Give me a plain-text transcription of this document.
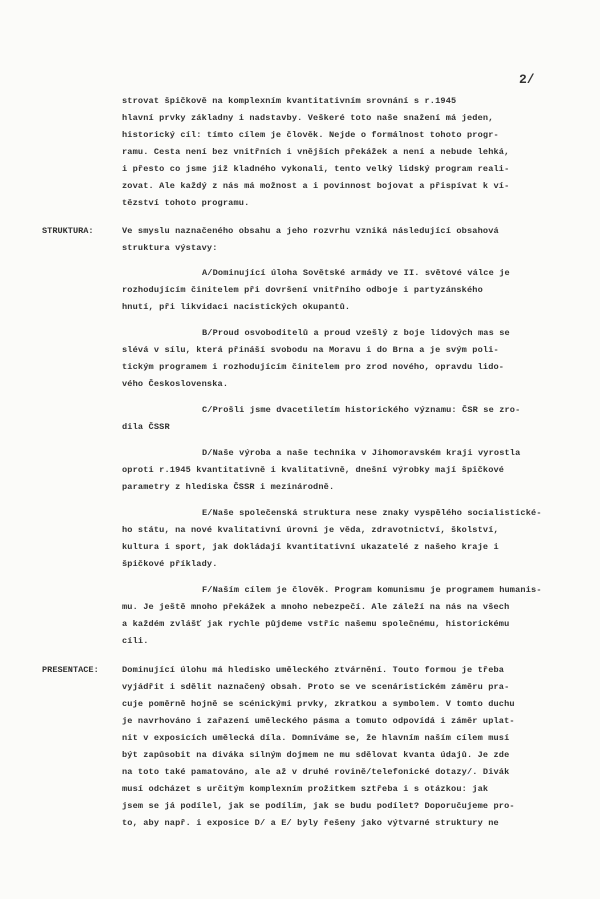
2/
strovat špičkově na komplexním kvantitativním srovnání s r.1945
hlavní prvky základny i nadstavby. Veškeré toto naše snažení má jeden,
historický cíl: tímto cílem je člověk. Nejde o formálnost tohoto progr-
ramu. Cesta není bez vnitřních i vnějších překážek a není a nebude lehká,
i přesto co jsme již kladného vykonali, tento velký lidský program reali-
zovat. Ale každý z nás má možnost a i povinnost bojovat a přispívat k ví-
tězství tohoto programu.
STRUKTURA:	Ve smyslu naznačeného obsahu a jeho rozvrhu vzniká následující obsahová
struktura výstavy:
A/Dominující úloha Sovětské armády ve II. světové válce je
rozhodujícím činitelem při dovršení vnitřního odboje i partyzánského
hnutí, při likvidaci nacistických okupantů.
B/Proud osvoboditelů a proud vzešlý z boje lidových mas se
slévá v sílu, která přináší svobodu na Moravu i do Brna a je svým poli-
tickým programem i rozhodujícím činitelem pro zrod nového, opravdu lido-
vého Československa.
C/Prošli jsme dvacetiletím historického významu: ČSR se zro-
dila ČSSR
D/Naše výroba a naše technika v Jihomoravském kraji vyrostla
oproti r.1945 kvantitativně i kvalitativně, dnešní výrobky mají špičkové
parametry z hlediska ČSSR i mezinárodně.
E/Naše společenská struktura nese znaky vyspělého socialistické-
ho státu, na nové kvalitativní úrovni je věda, zdravotnictví, školství,
kultura i sport, jak dokládají kvantitativní ukazatelé z našeho kraje i
špičkové příklady.
F/Naším cílem je člověk. Program komunismu je programem humanis-
mu. Je ještě mnoho překážek a mnoho nebezpečí. Ale záleží na nás na všech
a každém zvlášť jak rychle půjdeme vstříc našemu společnému, historickému
cíli.
PRESENTACE:	Dominující úlohu má hledisko uměleckého ztvárnění. Touto formou je třeba
vyjádřit i sdělit naznačený obsah. Proto se ve scenáristickém záměru pra-
cuje poměrně hojně se scénickými prvky, zkratkou a symbolem. V tomto duchu
je navrhováno i zařazení uměleckého pásma a tomuto odpovídá i záměr uplat-
nit v exposicích umělecká díla. Domníváme se, že hlavním naším cílem musí
být zapůsobit na diváka silným dojmem ne mu sdělovat kvanta údajů. Je zde
na toto také pamatováno, ale až v druhé rovině/telefonické dotazy/. Divák
musí odcházet s určitým komplexním prožitkem sztřeba i s otázkou: jak
jsem se já podílel, jak se podílím, jak se budu podílet? Doporučujeme pro-
to, aby např. i exposice D/ a E/ byly řešeny jako výtvarné struktury ne
